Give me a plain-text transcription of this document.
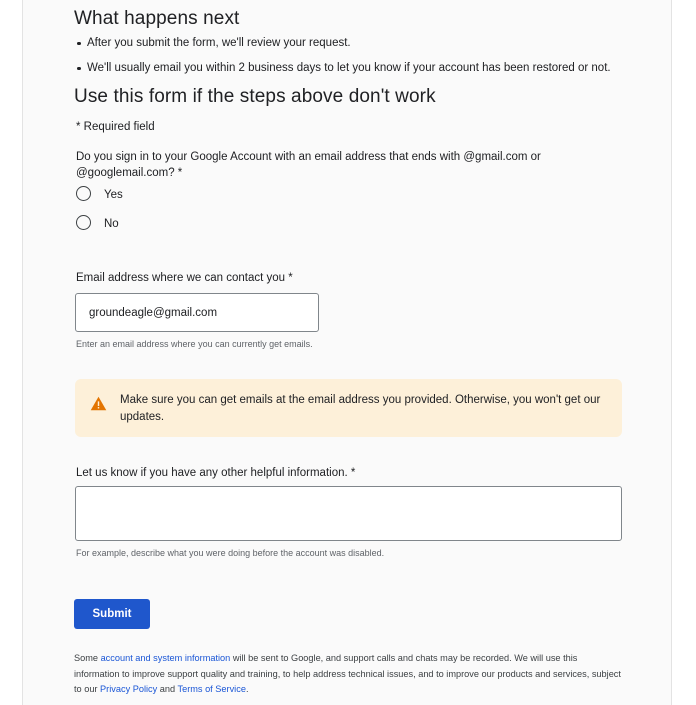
What happens next
After you submit the form, we'll review your request.
We'll usually email you within 2 business days to let you know if your account has been restored or not.
Use this form if the steps above don't work
* Required field
Do you sign in to your Google Account with an email address that ends with @gmail.com or @googlemail.com? *
Yes
No
Email address where we can contact you *
groundeagle@gmail.com
Enter an email address where you can currently get emails.
Make sure you can get emails at the email address you provided. Otherwise, you won't get our updates.
Let us know if you have any other helpful information. *
For example, describe what you were doing before the account was disabled.
Submit
Some account and system information will be sent to Google, and support calls and chats may be recorded. We will use this information to improve support quality and training, to help address technical issues, and to improve our products and services, subject to our Privacy Policy and Terms of Service.
